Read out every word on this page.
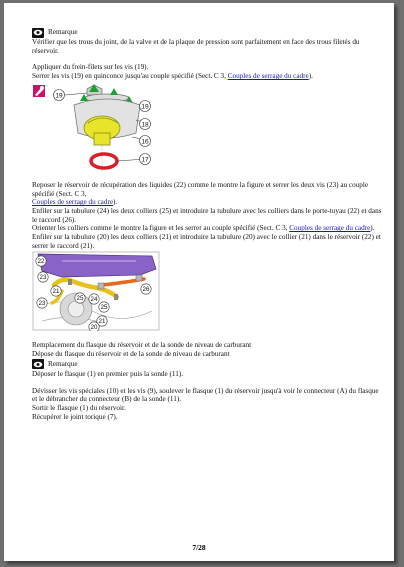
Remarque

Vérifier que les trous du joint, de la valve et de la plaque de pression sont parfaitement en face des trous filetés du réservoir.

Appliquer du frein-filets sur les vis (19).

Serrer les vis (19) en quinconce jusqu'au couple spécifié (Sect. C 3, Couples de serrage du cadre).

19
19
18
16
17

Reposer le réservoir de récupération des liquides (22) comme le montre la figure et serrer les deux vis (23) au couple spécifié (Sect. C 3,

Couples de serrage du cadre).

Enfiler sur la tubulure (24) les deux colliers (25) et introduire la tubulure avec les colliers dans le porte-tuyau (22) et dans le raccord (26).

Orienter les colliers comme le montre la figure et les serrer au couple spécifié (Sect. C 3, Couples de serrage du cadre).

Enfiler sur la tubulure (20) les deux colliers (21) et introduire la tubulure (20) avec le collier (21) dans le réservoir (22) et serrer le raccord (21).

22
23
21
23
25 24
25
21
20
26

Remplacement du flasque du réservoir et de la sonde de niveau de carburant

Dépose du flasque du réservoir et de la sonde de niveau de carburant

Remarque

Déposer le flasque (1) en premier puis la sonde (11).

Dévisser les vis spéciales (10) et les vis (9), soulever le flasque (1) du réservoir jusqu'à voir le connecteur (A) du flasque et le débrancher du connecteur (B) de la sonde (11).

Sortir le flasque (1) du réservoir.

Récupérer le joint torique (7).

7/28
